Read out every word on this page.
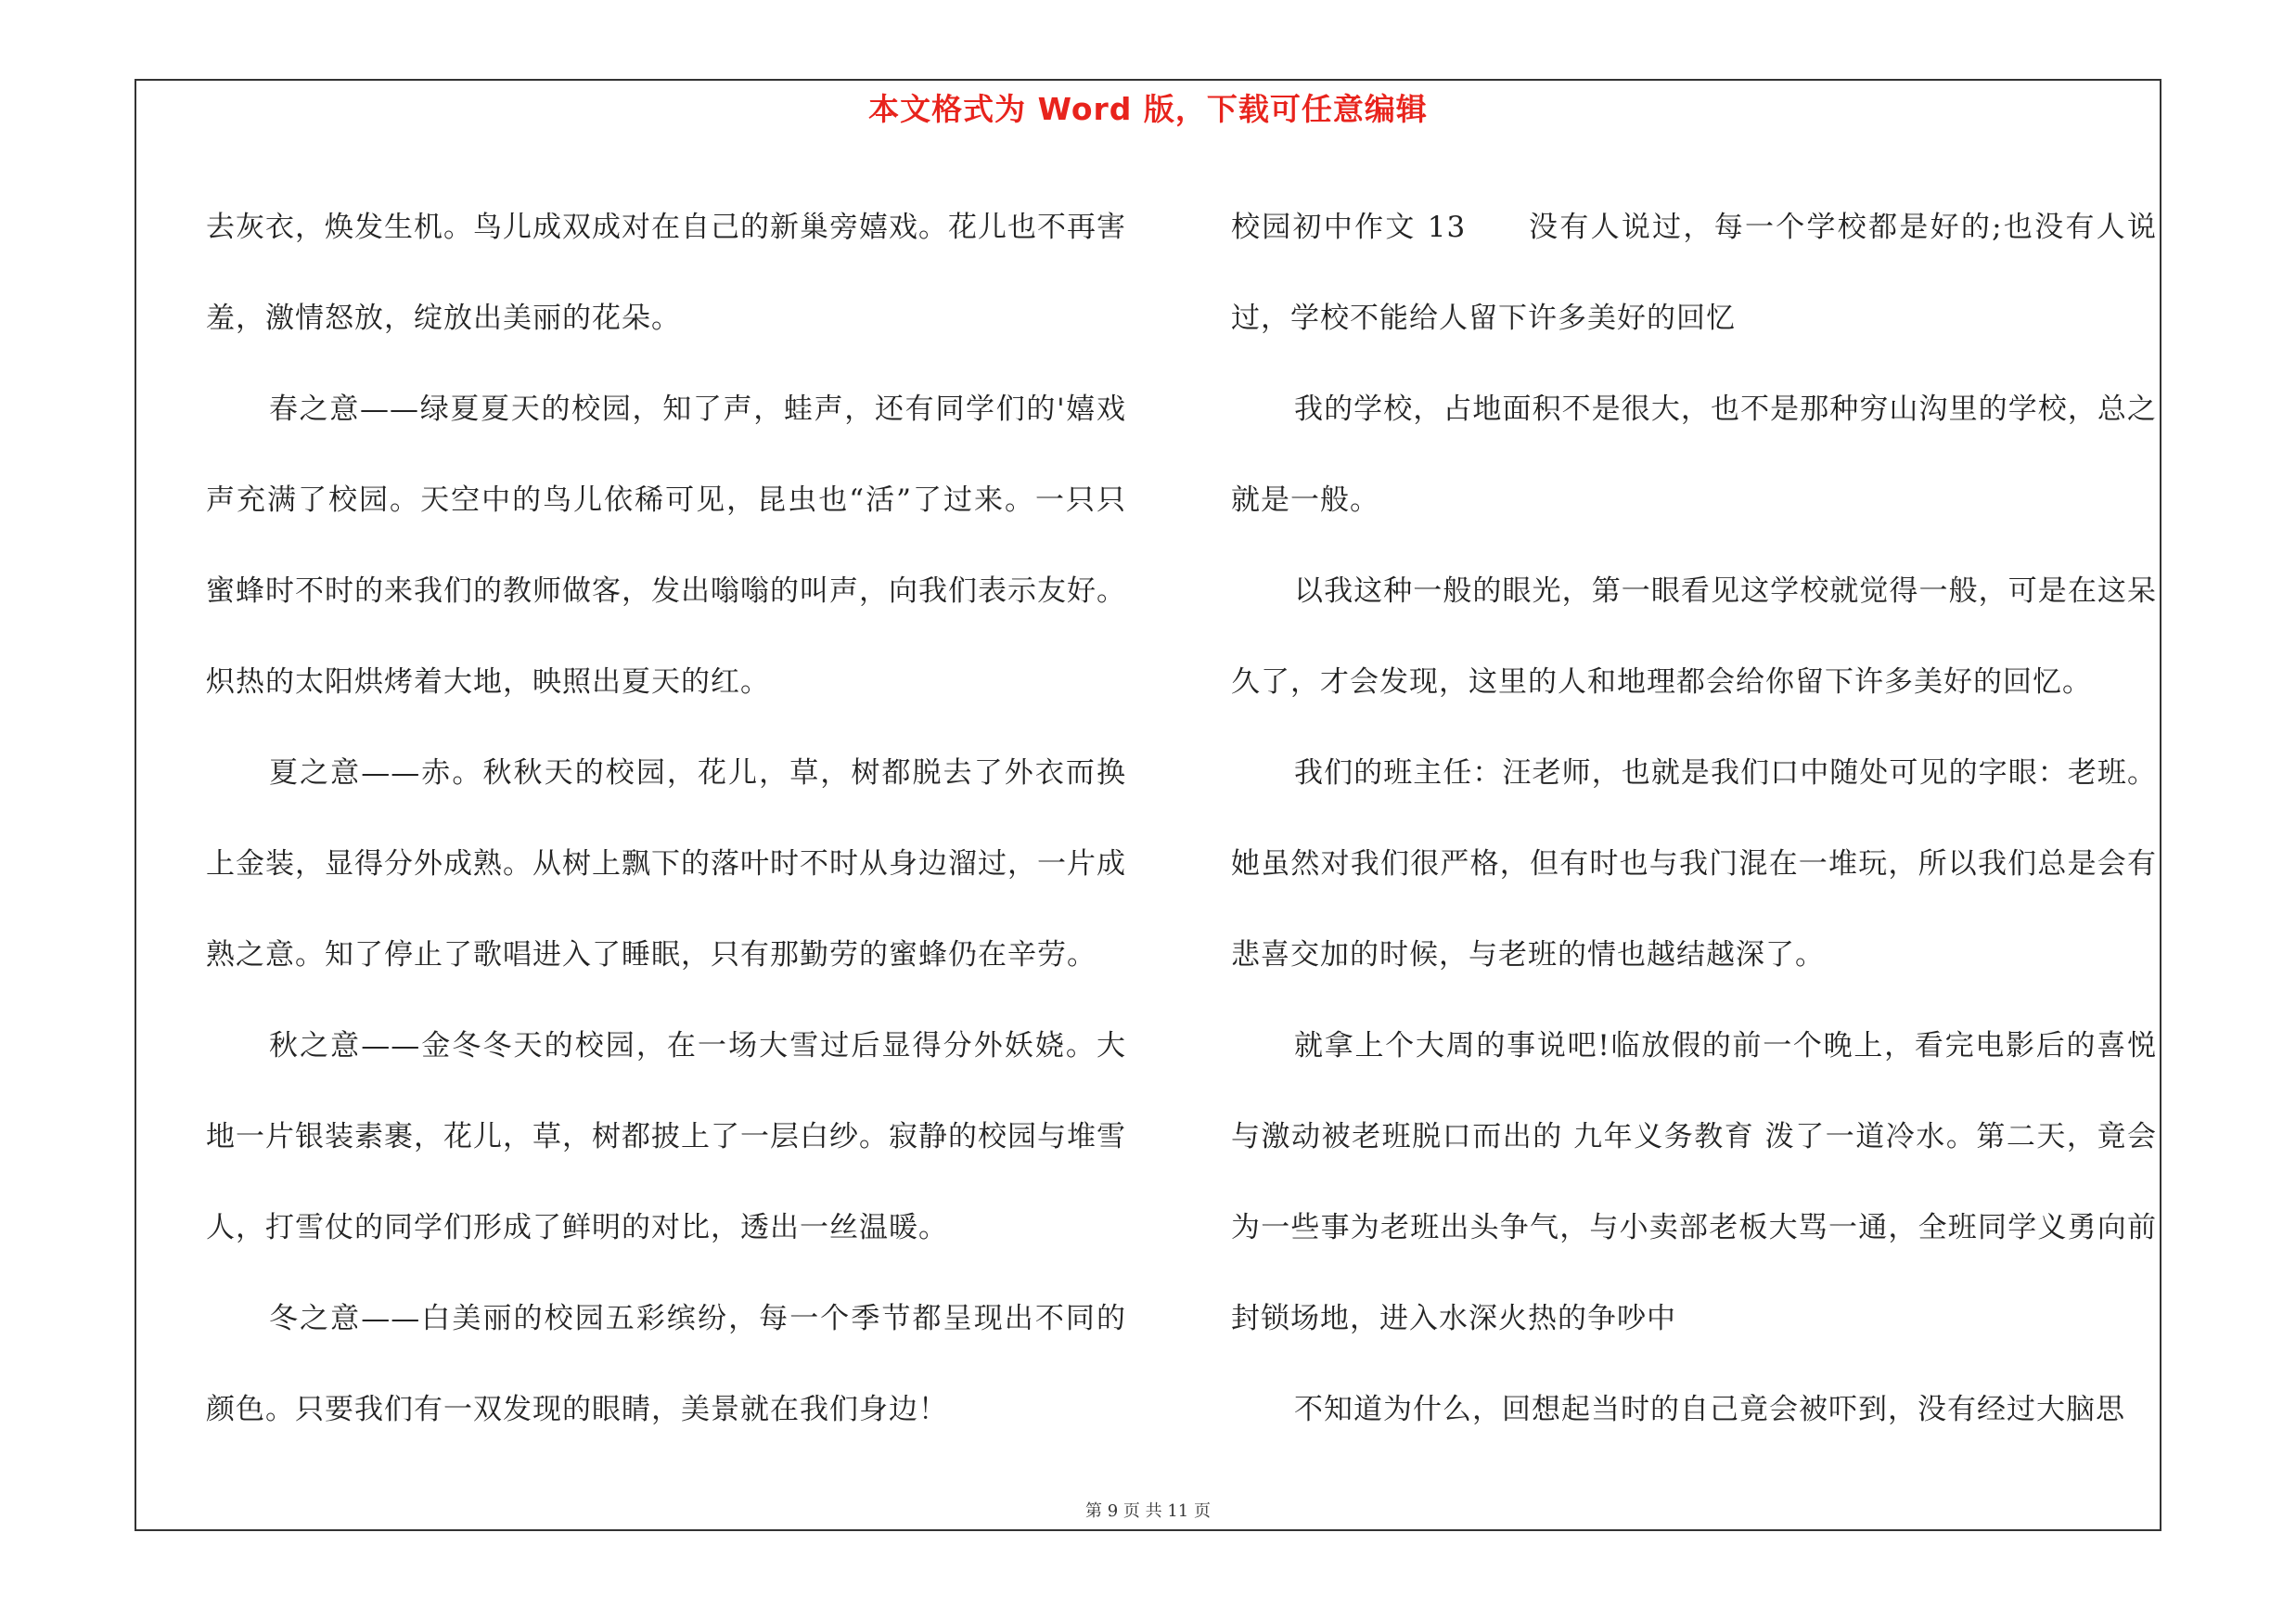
本文格式为 Word 版，下载可任意编辑

去灰衣，焕发生机。鸟儿成双成对在自己的新巢旁嬉戏。花儿也不再害羞，激情怒放，绽放出美丽的花朵。

春之意——绿夏夏天的校园，知了声，蛙声，还有同学们的'嬉戏声充满了校园。天空中的鸟儿依稀可见，昆虫也“活”了过来。一只只蜜蜂时不时的来我们的教师做客，发出嗡嗡的叫声，向我们表示友好。炽热的太阳烘烤着大地，映照出夏天的红。

夏之意——赤。秋秋天的校园，花儿，草，树都脱去了外衣而换上金装，显得分外成熟。从树上飘下的落叶时不时从身边溜过，一片成熟之意。知了停止了歌唱进入了睡眠，只有那勤劳的蜜蜂仍在辛劳。

秋之意——金冬冬天的校园，在一场大雪过后显得分外妖娆。大地一片银装素裹，花儿，草，树都披上了一层白纱。寂静的校园与堆雪人，打雪仗的同学们形成了鲜明的对比，透出一丝温暖。

冬之意——白美丽的校园五彩缤纷，每一个季节都呈现出不同的颜色。只要我们有一双发现的眼睛，美景就在我们身边！

校园初中作文 13　　没有人说过，每一个学校都是好的;也没有人说过，学校不能给人留下许多美好的回忆

我的学校，占地面积不是很大，也不是那种穷山沟里的学校，总之就是一般。

以我这种一般的眼光，第一眼看见这学校就觉得一般，可是在这呆久了，才会发现，这里的人和地理都会给你留下许多美好的回忆。

我们的班主任：汪老师，也就是我们口中随处可见的字眼：老班。她虽然对我们很严格，但有时也与我门混在一堆玩，所以我们总是会有悲喜交加的时候，与老班的情也越结越深了。

就拿上个大周的事说吧!临放假的前一个晚上，看完电影后的喜悦与激动被老班脱口而出的 九年义务教育 泼了一道冷水。第二天，竟会为一些事为老班出头争气，与小卖部老板大骂一通，全班同学义勇向前封锁场地，进入水深火热的争吵中

不知道为什么，回想起当时的自己竟会被吓到，没有经过大脑思

第 9 页 共 11 页
